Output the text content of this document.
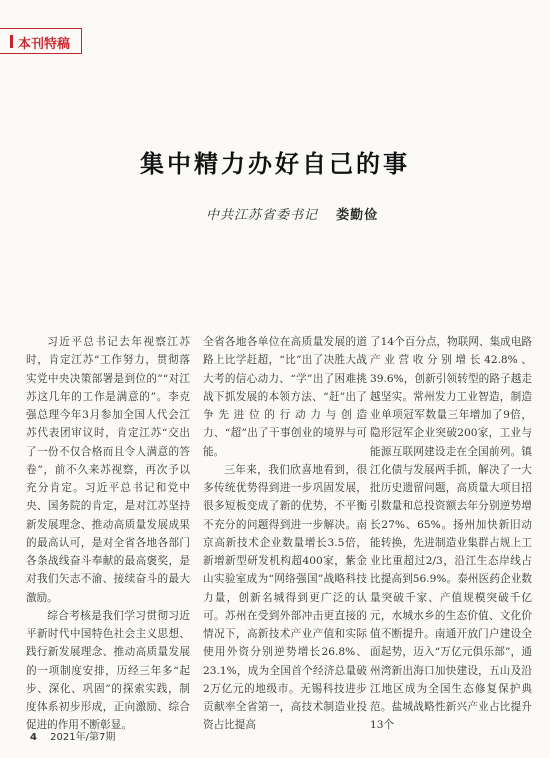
本刊特稿
集中精力办好自己的事
中共江苏省委书记 娄勤俭

习近平总书记去年视察江苏时，肯定江苏“工作努力，贯彻落实党中央决策部署是到位的”“对江苏这几年的工作是满意的”。李克强总理今年3月参加全国人代会江苏代表团审议时，肯定江苏“交出了一份不仅合格而且令人满意的答卷”，前不久来苏视察，再次予以充分肯定。习近平总书记和党中央、国务院的肯定，是对江苏坚持新发展理念、推动高质量发展成果的最高认可，是对全省各地各部门各条战线奋斗奉献的最高褒奖，是对我们矢志不渝、接续奋斗的最大激励。

综合考核是我们学习贯彻习近平新时代中国特色社会主义思想、践行新发展理念、推动高质量发展的一项制度安排，历经三年多“起步、深化、巩固”的探索实践，制度体系初步形成，正向激励、综合促进的作用不断彰显。

全省各地各单位在高质量发展的道路上比学赶超，“比”出了决胜大战大考的信心动力、“学”出了困难挑战下抓发展的本领方法、“赶”出了争先进位的行动力与创造力、“超”出了干事创业的境界与可能。

三年来，我们欣喜地看到，很多传统优势得到进一步巩固发展，很多短板变成了新的优势，不平衡不充分的问题得到进一步解决。南京高新技术企业数量增长3.5倍，新增新型研发机构超400家，紫金山实验室成为“网络强国”战略科技力量，创新名城得到更广泛的认可。苏州在受到外部冲击更直接的情况下，高新技术产业产值和实际使用外资分别逆势增长26.8%、23.1%，成为全国首个经济总量破2万亿元的地级市。无锡科技进步贡献率全省第一，高技术制造业投资占比提高

了14个百分点，物联网、集成电路产业营收分别增长42.8%、39.6%，创新引领转型的路子越走越坚实。常州发力工业智造，制造业单项冠军数量三年增加了9倍，隐形冠军企业突破200家，工业与能源互联网建设走在全国前列。镇江化债与发展两手抓，解决了一大批历史遗留问题，高质量大项目招引数量和总投资额去年分别逆势增长27%、65%。扬州加快新旧动能转换，先进制造业集群占规上工业比重超过2/3，沿江生态岸线占比提高到56.9%。泰州医药企业数量突破千家、产值规模突破千亿元，水城水乡的生态价值、文化价值不断提升。南通开放门户建设全面起势，迈入“万亿元俱乐部”，通州湾新出海口加快建设，五山及沿江地区成为全国生态修复保护典范。盐城战略性新兴产业占比提升13个

4 2021年/第7期
